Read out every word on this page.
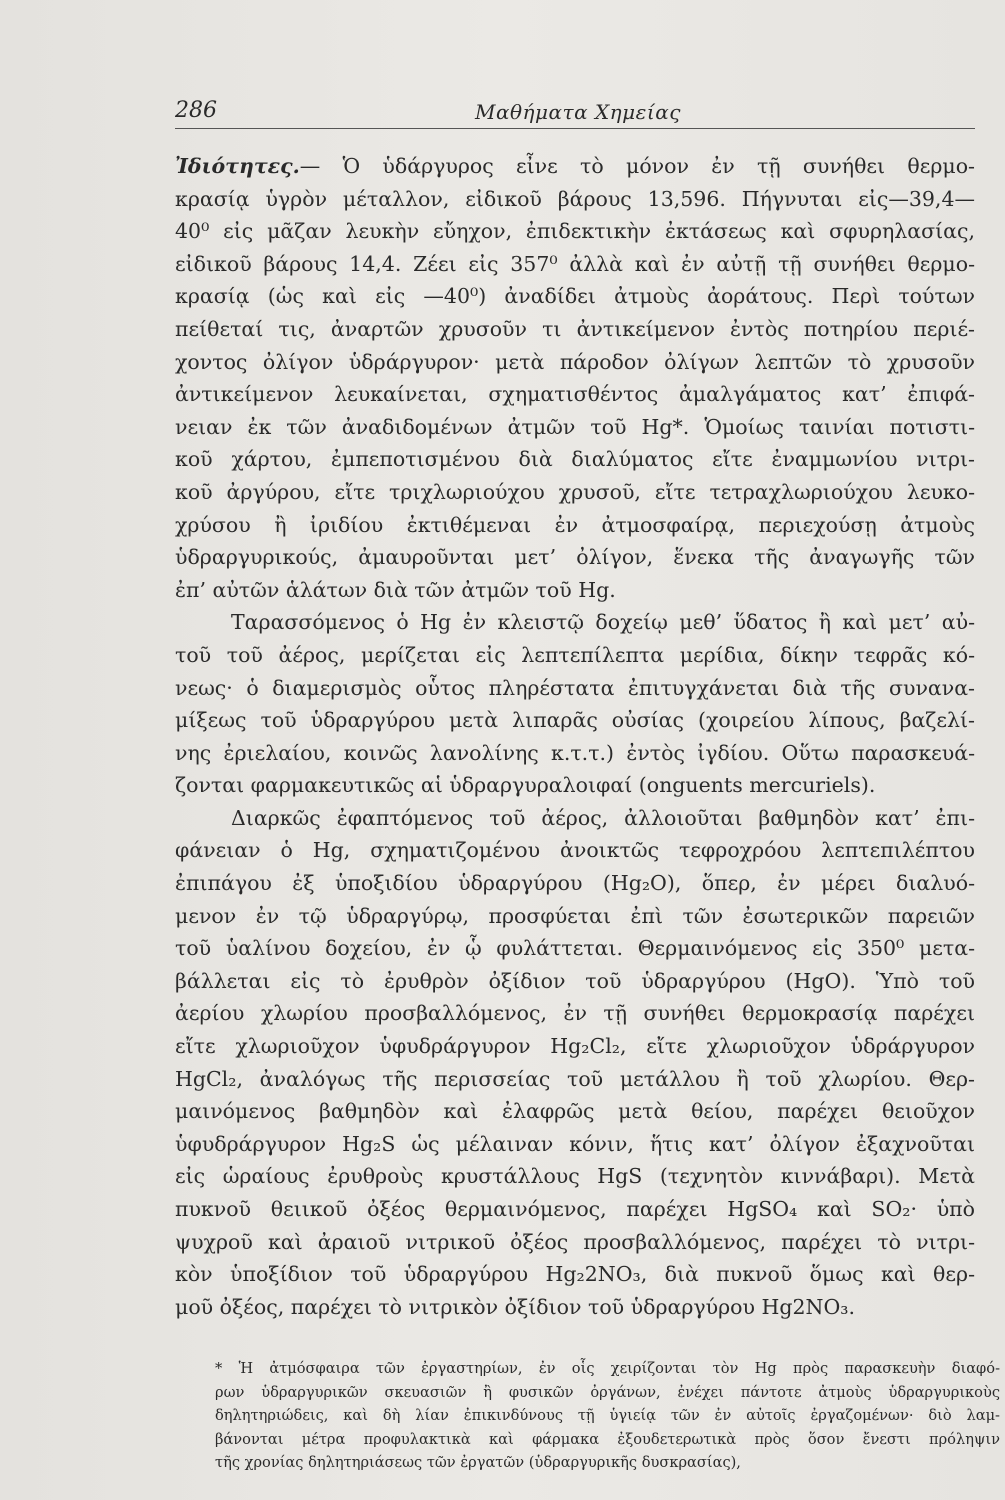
286	Μαθήματα Χημείας
Ἰδιότητες.— Ὁ ὑδάργυρος εἶνε τὸ μόνον ἐν τῇ συνήθει θερμο-
κρασίᾳ ὑγρὸν μέταλλον, εἰδικοῦ βάρους 13,596. Πήγνυται εἰς—39,4—
40⁰ εἰς μᾶζαν λευκὴν εὔηχον, ἐπιδεκτικὴν ἐκτάσεως καὶ σφυρηλασίας,
εἰδικοῦ βάρους 14,4. Ζέει εἰς 357⁰ ἀλλὰ καὶ ἐν αὐτῇ τῇ συνήθει θερμο-
κρασίᾳ (ὡς καὶ εἰς —40⁰) ἀναδίδει ἀτμοὺς ἀοράτους. Περὶ τούτων
πείθεταί τις, ἀναρτῶν χρυσοῦν τι ἀντικείμενον ἐντὸς ποτηρίου περιέ-
χοντος ὀλίγον ὑδράργυρον· μετὰ πάροδον ὀλίγων λεπτῶν τὸ χρυσοῦν
ἀντικείμενον λευκαίνεται, σχηματισθέντος ἀμαλγάματος κατ’ ἐπιφά-
νειαν ἐκ τῶν ἀναδιδομένων ἀτμῶν τοῦ Hg*. Ὁμοίως ταινίαι ποτιστι-
κοῦ χάρτου, ἐμπεποτισμένου διὰ διαλύματος εἴτε ἐναμμωνίου νιτρι-
κοῦ ἀργύρου, εἴτε τριχλωριούχου χρυσοῦ, εἴτε τετραχλωριούχου λευκο-
χρύσου ἢ ἰριδίου ἐκτιθέμεναι ἐν ἀτμοσφαίρᾳ, περιεχούσῃ ἀτμοὺς
ὑδραργυρικούς, ἀμαυροῦνται μετ’ ὀλίγον, ἕνεκα τῆς ἀναγωγῆς τῶν
ἐπ’ αὐτῶν ἁλάτων διὰ τῶν ἀτμῶν τοῦ Hg.
Ταρασσόμενος ὁ Hg ἐν κλειστῷ δοχείῳ μεθ’ ὕδατος ἢ καὶ μετ’ αὐ-
τοῦ τοῦ ἀέρος, μερίζεται εἰς λεπτεπίλεπτα μερίδια, δίκην τεφρᾶς κό-
νεως· ὁ διαμερισμὸς οὗτος πληρέστατα ἐπιτυγχάνεται διὰ τῆς συνανα-
μίξεως τοῦ ὑδραργύρου μετὰ λιπαρᾶς οὐσίας (χοιρείου λίπους, βαζελί-
νης ἐριελαίου, κοινῶς λανολίνης κ.τ.τ.) ἐντὸς ἰγδίου. Οὕτω παρασκευά-
ζονται φαρμακευτικῶς αἱ ὑδραργυραλοιφαί (onguents mercuriels).
Διαρκῶς ἐφαπτόμενος τοῦ ἀέρος, ἀλλοιοῦται βαθμηδὸν κατ’ ἐπι-
φάνειαν ὁ Hg, σχηματιζομένου ἀνοικτῶς τεφροχρόου λεπτεπιλέπτου
ἐπιπάγου ἐξ ὑποξιδίου ὑδραργύρου (Hg₂O), ὅπερ, ἐν μέρει διαλυό-
μενον ἐν τῷ ὑδραργύρῳ, προσφύεται ἐπὶ τῶν ἐσωτερικῶν παρειῶν
τοῦ ὑαλίνου δοχείου, ἐν ᾧ φυλάττεται. Θερμαινόμενος εἰς 350⁰ μετα-
βάλλεται εἰς τὸ ἐρυθρὸν ὀξίδιον τοῦ ὑδραργύρου (HgO). Ὑπὸ τοῦ
ἀερίου χλωρίου προσβαλλόμενος, ἐν τῇ συνήθει θερμοκρασίᾳ παρέχει
εἴτε χλωριοῦχον ὑφυδράργυρον Hg₂Cl₂, εἴτε χλωριοῦχον ὑδράργυρον
HgCl₂, ἀναλόγως τῆς περισσείας τοῦ μετάλλου ἢ τοῦ χλωρίου. Θερ-
μαινόμενος βαθμηδὸν καὶ ἐλαφρῶς μετὰ θείου, παρέχει θειοῦχον
ὑφυδράργυρον Hg₂S ὡς μέλαιναν κόνιν, ἥτις κατ’ ὀλίγον ἐξαχνοῦται
εἰς ὡραίους ἐρυθροὺς κρυστάλλους HgS (τεχνητὸν κιννάβαρι). Μετὰ
πυκνοῦ θειικοῦ ὀξέος θερμαινόμενος, παρέχει HgSO₄ καὶ SO₂· ὑπὸ
ψυχροῦ καὶ ἀραιοῦ νιτρικοῦ ὀξέος προσβαλλόμενος, παρέχει τὸ νιτρι-
κὸν ὑποξίδιον τοῦ ὑδραργύρου Hg₂2NO₃, διὰ πυκνοῦ ὅμως καὶ θερ-
μοῦ ὀξέος, παρέχει τὸ νιτρικὸν ὀξίδιον τοῦ ὑδραργύρου Hg2NO₃.
* Ἡ ἀτμόσφαιρα τῶν ἐργαστηρίων, ἐν οἷς χειρίζονται τὸν Hg πρὸς παρασκευὴν διαφό-
ρων ὑδραργυρικῶν σκευασιῶν ἢ φυσικῶν ὀργάνων, ἐνέχει πάντοτε ἀτμοὺς ὑδραργυρικοὺς
δηλητηριώδεις, καὶ δὴ λίαν ἐπικινδύνους τῇ ὑγιείᾳ τῶν ἐν αὐτοῖς ἐργαζομένων· διὸ λαμ-
βάνονται μέτρα προφυλακτικὰ καὶ φάρμακα ἐξουδετερωτικὰ πρὸς ὅσον ἔνεστι πρόληψιν
τῆς χρονίας δηλητηριάσεως τῶν ἐργατῶν (ὑδραργυρικῆς δυσκρασίας),
